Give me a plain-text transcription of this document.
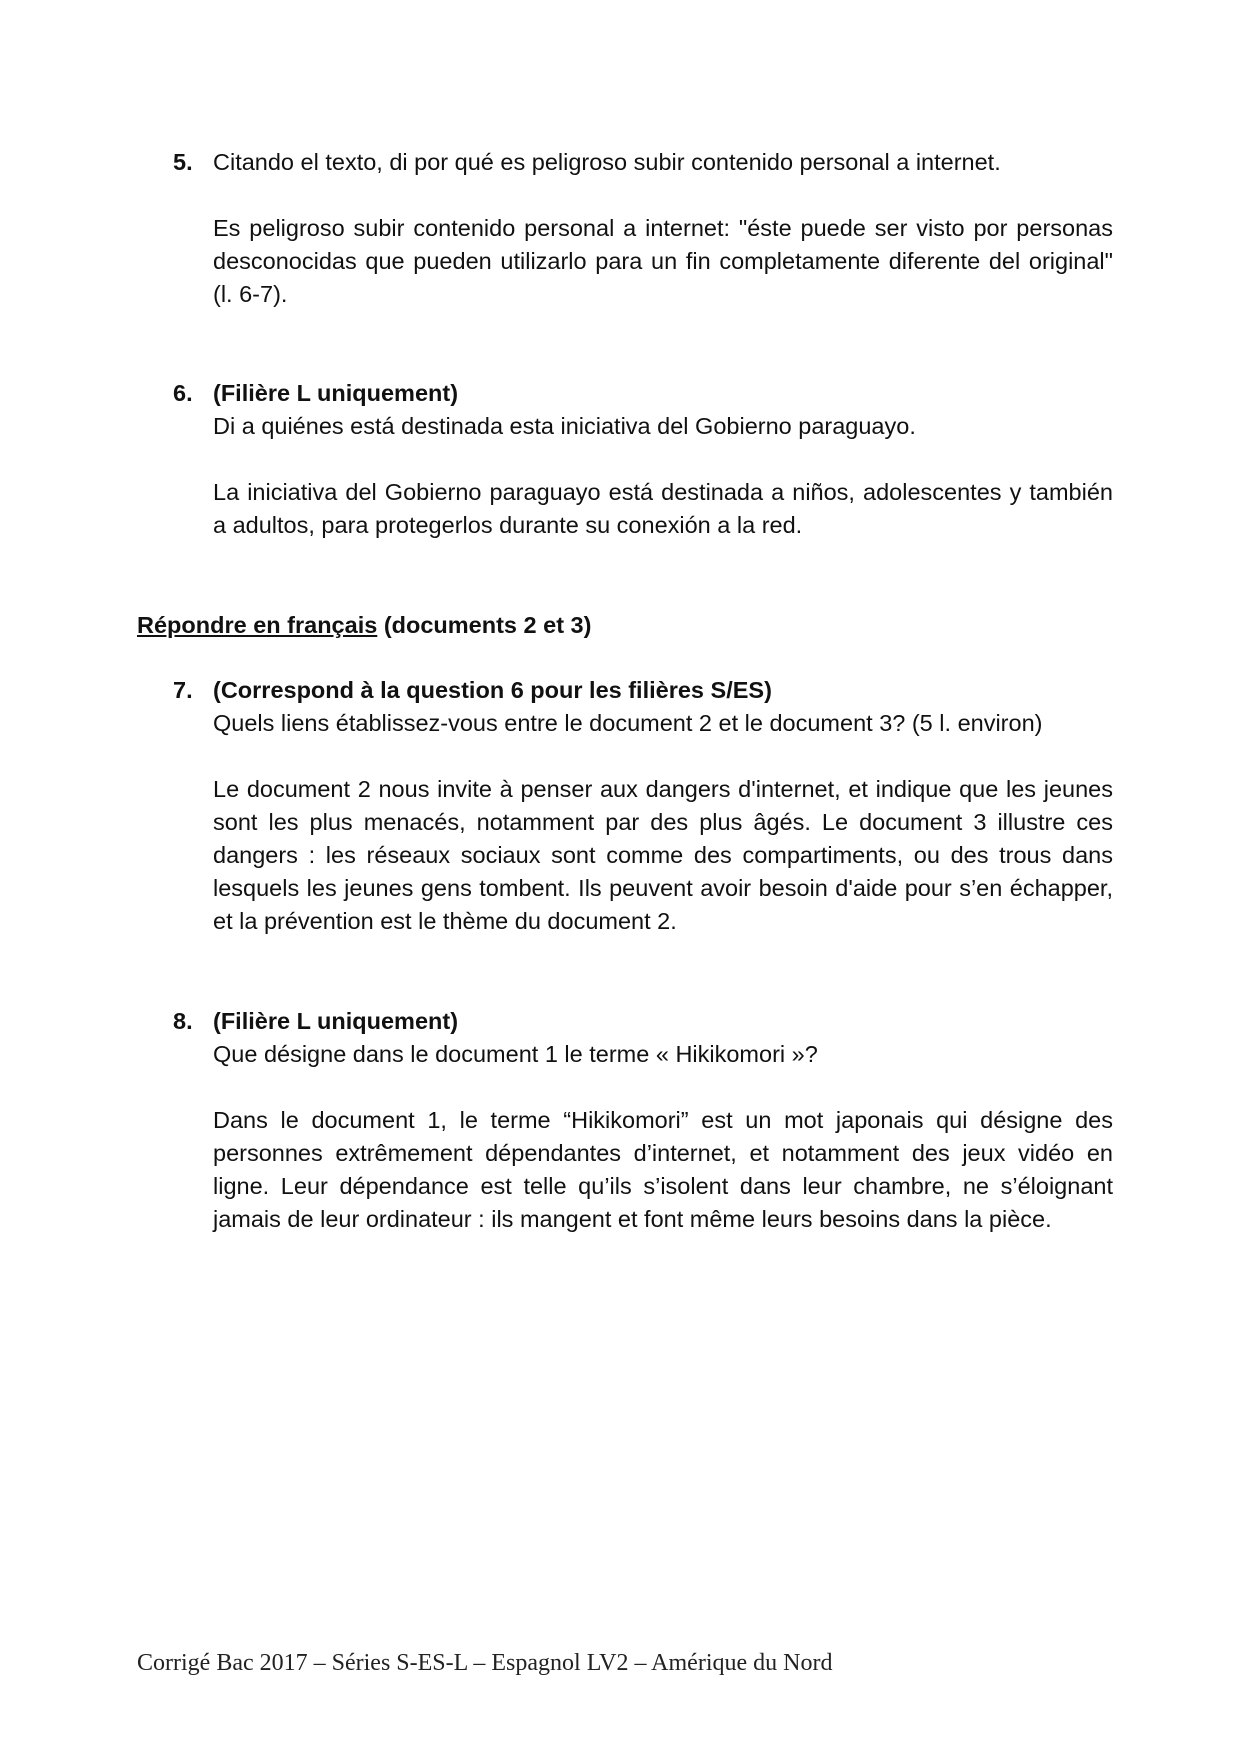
5. Citando el texto, di por qué es peligroso subir contenido personal a internet.
Es peligroso subir contenido personal a internet: "éste puede ser visto por personas desconocidas que pueden utilizarlo para un fin completamente diferente del original" (l. 6-7).
6. (Filière L uniquement)
Di a quiénes está destinada esta iniciativa del Gobierno paraguayo.
La iniciativa del Gobierno paraguayo está destinada a niños, adolescentes y también a adultos, para protegerlos durante su conexión a la red.
Répondre en français (documents 2 et 3)
7. (Correspond à la question 6 pour les filières S/ES)
Quels liens établissez-vous entre le document 2 et le document 3? (5 l. environ)
Le document 2 nous invite à penser aux dangers d'internet, et indique que les jeunes sont les plus menacés, notamment par des plus âgés. Le document 3 illustre ces dangers : les réseaux sociaux sont comme des compartiments, ou des trous dans lesquels les jeunes gens tombent. Ils peuvent avoir besoin d'aide pour s’en échapper, et la prévention est le thème du document 2.
8. (Filière L uniquement)
Que désigne dans le document 1 le terme « Hikikomori »?
Dans le document 1, le terme “Hikikomori” est un mot japonais qui désigne des personnes extrêmement dépendantes d’internet, et notamment des jeux vidéo en ligne. Leur dépendance est telle qu’ils s’isolent dans leur chambre, ne s’éloignant jamais de leur ordinateur : ils mangent et font même leurs besoins dans la pièce.
Corrigé Bac 2017 – Séries S-ES-L – Espagnol LV2 – Amérique du Nord
